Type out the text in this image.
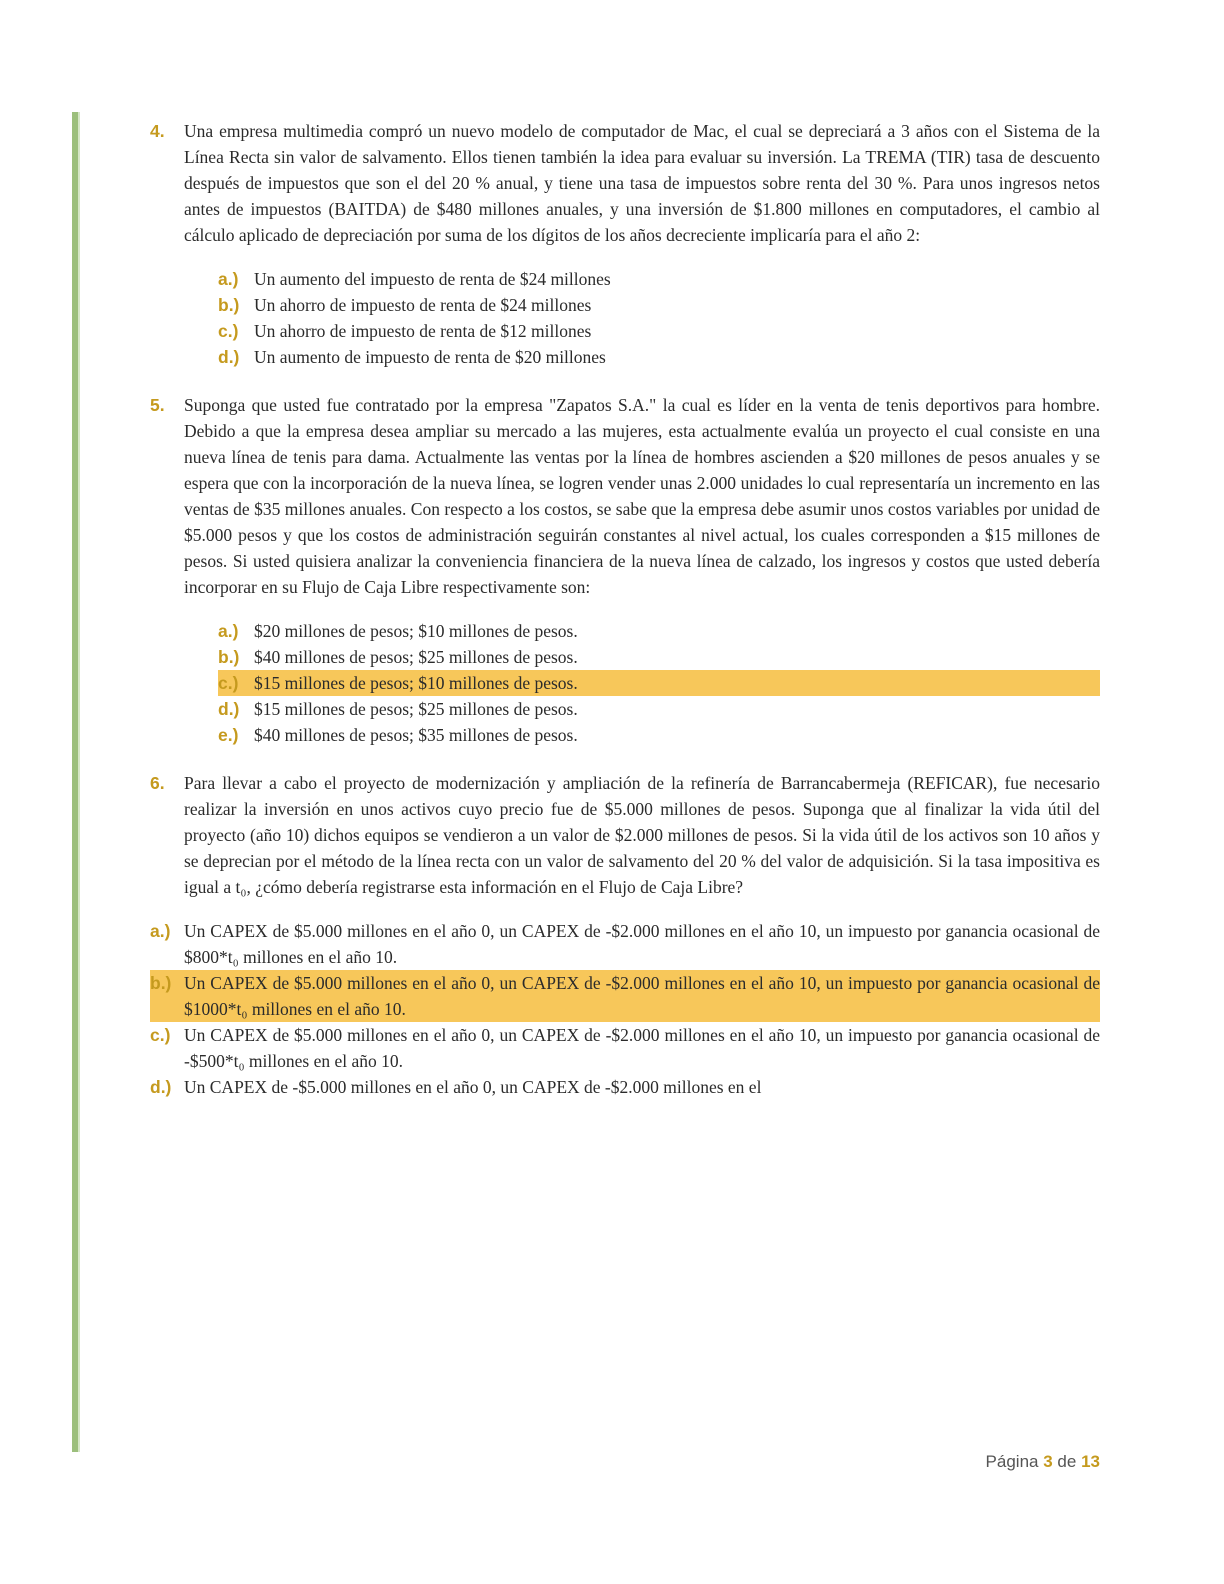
4.	Una empresa multimedia compró un nuevo modelo de computador de Mac, el cual se depreciará a 3 años con el Sistema de la Línea Recta sin valor de salvamento. Ellos tienen también la idea para evaluar su inversión. La TREMA (TIR) tasa de descuento después de impuestos que son el del 20 % anual, y tiene una tasa de impuestos sobre renta del 30 %. Para unos ingresos netos antes de impuestos (BAITDA) de $480 millones anuales, y una inversión de $1.800 millones en computadores, el cambio al cálculo aplicado de depreciación por suma de los dígitos de los años decreciente implicaría para el año 2:
a.) Un aumento del impuesto de renta de $24 millones
b.) Un ahorro de impuesto de renta de $24 millones
c.) Un ahorro de impuesto de renta de $12 millones
d.) Un aumento de impuesto de renta de $20 millones
5.	Suponga que usted fue contratado por la empresa "Zapatos S.A." la cual es líder en la venta de tenis deportivos para hombre. Debido a que la empresa desea ampliar su mercado a las mujeres, esta actualmente evalúa un proyecto el cual consiste en una nueva línea de tenis para dama. Actualmente las ventas por la línea de hombres ascienden a $20 millones de pesos anuales y se espera que con la incorporación de la nueva línea, se logren vender unas 2.000 unidades lo cual representaría un incremento en las ventas de $35 millones anuales. Con respecto a los costos, se sabe que la empresa debe asumir unos costos variables por unidad de $5.000 pesos y que los costos de administración seguirán constantes al nivel actual, los cuales corresponden a $15 millones de pesos. Si usted quisiera analizar la conveniencia financiera de la nueva línea de calzado, los ingresos y costos que usted debería incorporar en su Flujo de Caja Libre respectivamente son:
a.) $20 millones de pesos; $10 millones de pesos.
b.) $40 millones de pesos; $25 millones de pesos.
c.) $15 millones de pesos; $10 millones de pesos.
d.) $15 millones de pesos; $25 millones de pesos.
e.) $40 millones de pesos; $35 millones de pesos.
6.	Para llevar a cabo el proyecto de modernización y ampliación de la refinería de Barrancabermeja (REFICAR), fue necesario realizar la inversión en unos activos cuyo precio fue de $5.000 millones de pesos. Suponga que al finalizar la vida útil del proyecto (año 10) dichos equipos se vendieron a un valor de $2.000 millones de pesos. Si la vida útil de los activos son 10 años y se deprecian por el método de la línea recta con un valor de salvamento del 20 % del valor de adquisición. Si la tasa impositiva es igual a t₀, ¿cómo debería registrarse esta información en el Flujo de Caja Libre?
a.) Un CAPEX de $5.000 millones en el año 0, un CAPEX de -$2.000 millones en el año 10, un impuesto por ganancia ocasional de $800*t₀ millones en el año 10.
b.) Un CAPEX de $5.000 millones en el año 0, un CAPEX de -$2.000 millones en el año 10, un impuesto por ganancia ocasional de $1000*t₀ millones en el año 10.
c.) Un CAPEX de $5.000 millones en el año 0, un CAPEX de -$2.000 millones en el año 10, un impuesto por ganancia ocasional de -$500*t₀ millones en el año 10.
d.) Un CAPEX de -$5.000 millones en el año 0, un CAPEX de -$2.000 millones en el
Página 3 de 13
